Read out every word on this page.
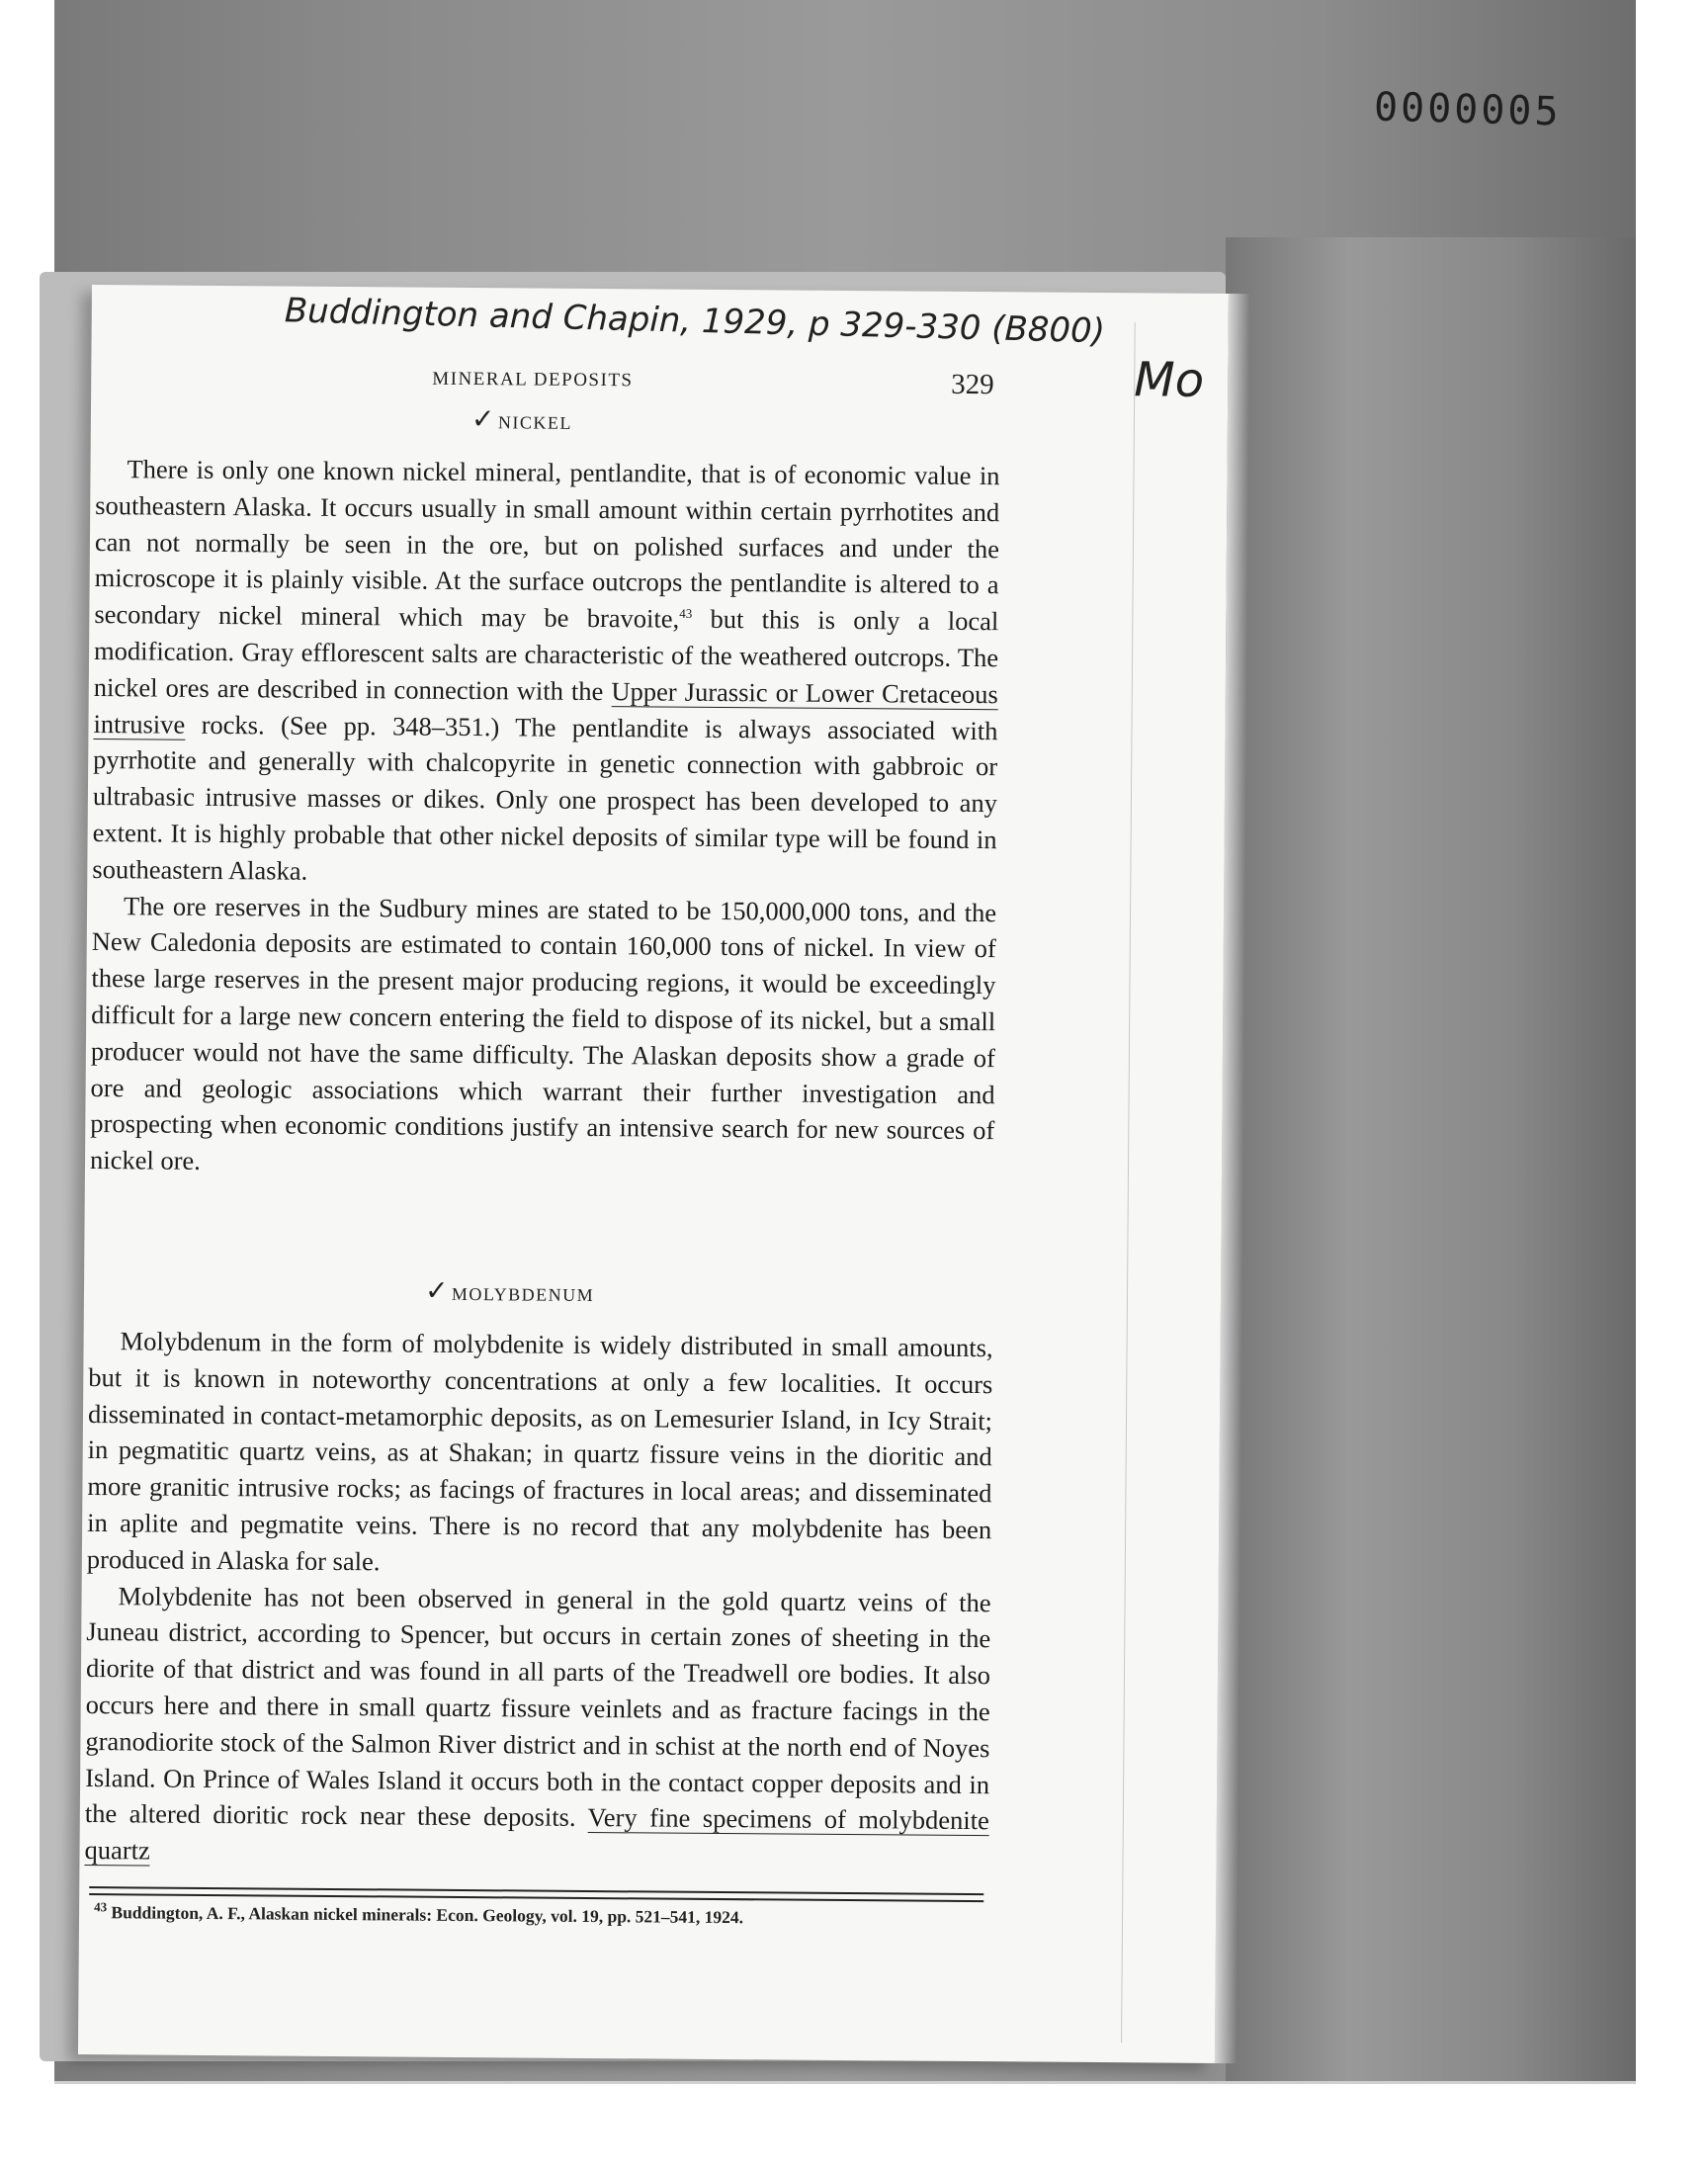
0000005
Buddington and Chapin, 1929, p 329-330 (B800)
Mo
MINERAL DEPOSITS	329
✓NICKEL

There is only one known nickel mineral, pentlandite, that is of economic value in southeastern Alaska. It occurs usually in small amount within certain pyrrhotites and can not normally be seen in the ore, but on polished surfaces and under the microscope it is plainly visible. At the surface outcrops the pentlandite is altered to a secondary nickel mineral which may be bravoite,$^{43}$ but this is only a local modification. Gray efflorescent salts are characteristic of the weathered outcrops. The nickel ores are described in connection with the Upper Jurassic or Lower Cretaceous intrusive rocks. (See pp. 348–351.) The pentlandite is always associated with pyrrhotite and generally with chalcopyrite in genetic connection with gabbroic or ultrabasic intrusive masses or dikes. Only one prospect has been developed to any extent. It is highly probable that other nickel deposits of similar type will be found in southeastern Alaska.

The ore reserves in the Sudbury mines are stated to be 150,000,000 tons, and the New Caledonia deposits are estimated to contain 160,000 tons of nickel. In view of these large reserves in the present major producing regions, it would be exceedingly difficult for a large new concern entering the field to dispose of its nickel, but a small producer would not have the same difficulty. The Alaskan deposits show a grade of ore and geologic associations which warrant their further investigation and prospecting when economic conditions justify an intensive search for new sources of nickel ore.

✓MOLYBDENUM

Molybdenum in the form of molybdenite is widely distributed in small amounts, but it is known in noteworthy concentrations at only a few localities. It occurs disseminated in contact-metamorphic deposits, as on Lemesurier Island, in Icy Strait; in pegmatitic quartz veins, as at Shakan; in quartz fissure veins in the dioritic and more granitic intrusive rocks; as facings of fractures in local areas; and disseminated in aplite and pegmatite veins. There is no record that any molybdenite has been produced in Alaska for sale.

Molybdenite has not been observed in general in the gold quartz veins of the Juneau district, according to Spencer, but occurs in certain zones of sheeting in the diorite of that district and was found in all parts of the Treadwell ore bodies. It also occurs here and there in small quartz fissure veinlets and as fracture facings in the granodiorite stock of the Salmon River district and in schist at the north end of Noyes Island. On Prince of Wales Island it occurs both in the contact copper deposits and in the altered dioritic rock near these deposits. Very fine specimens of molybdenite quartz

$^{43}$ Buddington, A. F., Alaskan nickel minerals: Econ. Geology, vol. 19, pp. 521–541, 1924.
